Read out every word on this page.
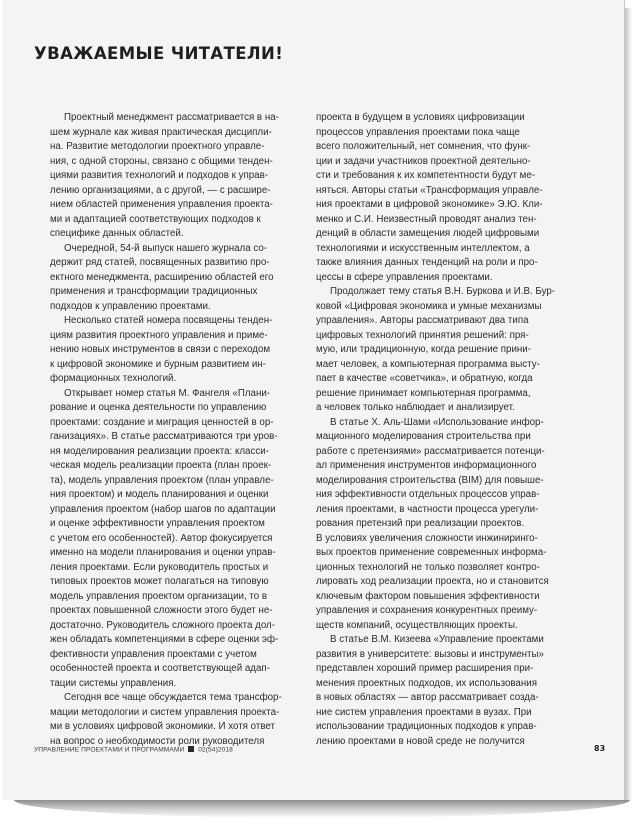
УВАЖАЕМЫЕ ЧИТАТЕЛИ!
Проектный менеджмент рассматривается в на-
шем журнале как живая практическая дисципли-
на. Развитие методологии проектного управле-
ния, с одной стороны, связано с общими тенден-
циями развития технологий и подходов к управ-
лению организациями, а с другой, — с расшире-
нием областей применения управления проекта-
ми и адаптацией соответствующих подходов к
специфике данных областей.
Очередной, 54-й выпуск нашего журнала со-
держит ряд статей, посвященных развитию про-
ектного менеджмента, расширению областей его
применения и трансформации традиционных
подходов к управлению проектами.
Несколько статей номера посвящены тенден-
циям развития проектного управления и приме-
нению новых инструментов в связи с переходом
к цифровой экономике и бурным развитием ин-
формационных технологий.
Открывает номер статья М. Фангеля «Плани-
рование и оценка деятельности по управлению
проектами: создание и миграция ценностей в ор-
ганизациях». В статье рассматриваются три уров-
ня моделирования реализации проекта: класси-
ческая модель реализации проекта (план проек-
та), модель управления проектом (план управле-
ния проектом) и модель планирования и оценки
управления проектом (набор шагов по адаптации
и оценке эффективности управления проектом
с учетом его особенностей). Автор фокусируется
именно на модели планирования и оценки управ-
ления проектами. Если руководитель простых и
типовых проектов может полагаться на типовую
модель управления проектом организации, то в
проектах повышенной сложности этого будет не-
достаточно. Руководитель сложного проекта дол-
жен обладать компетенциями в сфере оценки эф-
фективности управления проектами с учетом
особенностей проекта и соответствующей адап-
тации системы управления.
Сегодня все чаще обсуждается тема трансфор-
мации методологии и систем управления проекта-
ми в условиях цифровой экономики. И хотя ответ
на вопрос о необходимости роли руководителя
проекта в будущем в условиях цифровизации
процессов управления проектами пока чаще
всего положительный, нет сомнения, что функ-
ции и задачи участников проектной деятельно-
сти и требования к их компетентности будут ме-
няться. Авторы статьи «Трансформация управле-
ния проектами в цифровой экономике» Э.Ю. Кли-
менко и С.И. Неизвестный проводят анализ тен-
денций в области замещения людей цифровыми
технологиями и искусственным интеллектом, а
также влияния данных тенденций на роли и про-
цессы в сфере управления проектами.
Продолжает тему статья В.Н. Буркова и И.В. Бур-
ковой «Цифровая экономика и умные механизмы
управления». Авторы рассматривают два типа
цифровых технологий принятия решений: пря-
мую, или традиционную, когда решение прини-
мает человек, а компьютерная программа высту-
пает в качестве «советчика», и обратную, когда
решение принимает компьютерная программа,
а человек только наблюдает и анализирует.
В статье Х. Аль-Шами «Использование инфор-
мационного моделирования строительства при
работе с претензиями» рассматривается потенци-
ал применения инструментов информационного
моделирования строительства (BIM) для повыше-
ния эффективности отдельных процессов управ-
ления проектами, в частности процесса урегули-
рования претензий при реализации проектов.
В условиях увеличения сложности инжиниринго-
вых проектов применение современных информа-
ционных технологий не только позволяет контро-
лировать ход реализации проекта, но и становится
ключевым фактором повышения эффективности
управления и сохранения конкурентных преиму-
ществ компаний, осуществляющих проекты.
В статье В.М. Кизеева «Управление проектами
развития в университете: вызовы и инструменты»
представлен хороший пример расширения при-
менения проектных подходов, их использования
в новых областях — автор рассматривает созда-
ние систем управления проектами в вузах. При
использовании традиционных подходов к управ-
лению проектами в новой среде не получится
УПРАВЛЕНИЕ ПРОЕКТАМИ И ПРОГРАММАМИ 02(54)2018	83
